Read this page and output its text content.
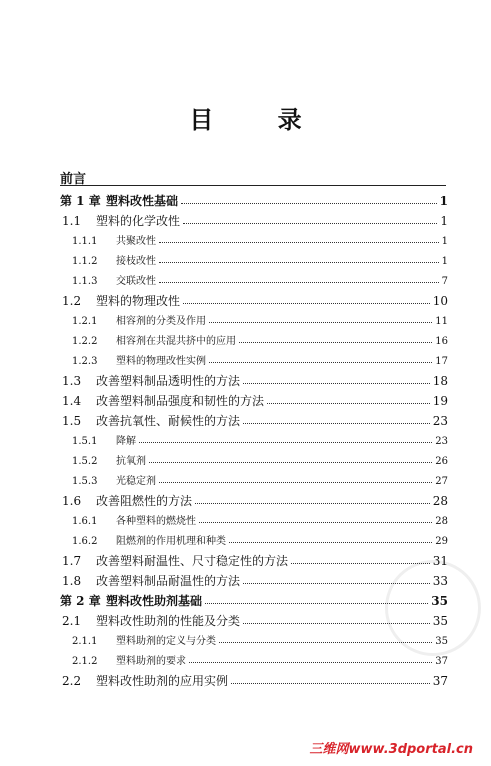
目 录
前言
第 1 章 塑料改性基础	1
1.1	塑料的化学改性	1
1.1.1	共聚改性	1
1.1.2	接枝改性	1
1.1.3	交联改性	7
1.2	塑料的物理改性	10
1.2.1	相容剂的分类及作用	11
1.2.2	相容剂在共混共挤中的应用	16
1.2.3	塑料的物理改性实例	17
1.3	改善塑料制品透明性的方法	18
1.4	改善塑料制品强度和韧性的方法	19
1.5	改善抗氧性、耐候性的方法	23
1.5.1	降解	23
1.5.2	抗氧剂	26
1.5.3	光稳定剂	27
1.6	改善阻燃性的方法	28
1.6.1	各种塑料的燃烧性	28
1.6.2	阻燃剂的作用机理和种类	29
1.7	改善塑料耐温性、尺寸稳定性的方法	31
1.8	改善塑料制品耐温性的方法	33
第 2 章 塑料改性助剂基础	35
2.1	塑料改性助剂的性能及分类	35
2.1.1	塑料助剂的定义与分类	35
2.1.2	塑料助剂的要求	37
2.2	塑料改性助剂的应用实例	37
三维网www.3dportal.cn
